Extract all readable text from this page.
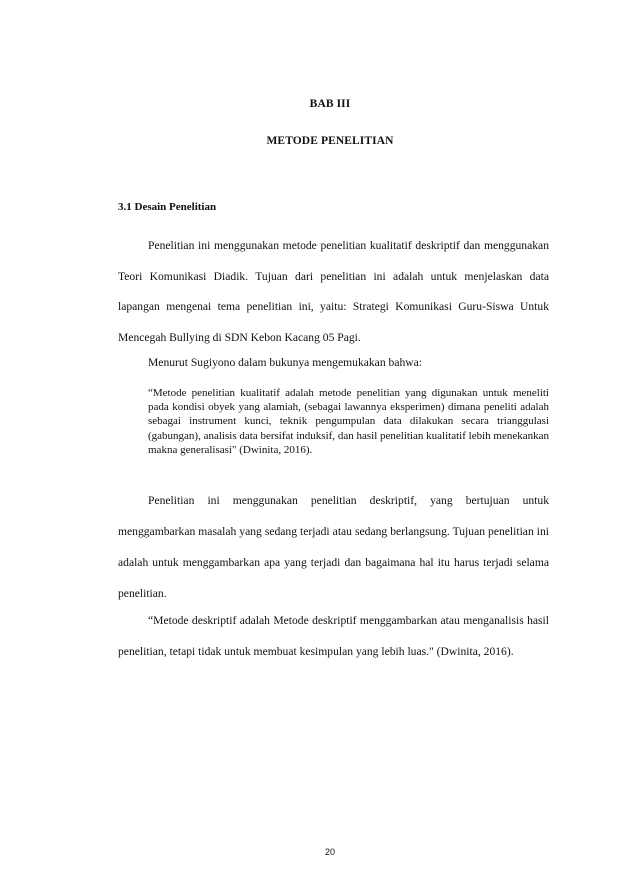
BAB III
METODE PENELITIAN
3.1 Desain Penelitian

Penelitian ini menggunakan metode penelitian kualitatif deskriptif dan menggunakan Teori Komunikasi Diadik. Tujuan dari penelitian ini adalah untuk menjelaskan data lapangan mengenai tema penelitian ini, yaitu: Strategi Komunikasi Guru-Siswa Untuk Mencegah Bullying di SDN Kebon Kacang 05 Pagi.

Menurut Sugiyono dalam bukunya mengemukakan bahwa:

“Metode penelitian kualitatif adalah metode penelitian yang digunakan untuk meneliti pada kondisi obyek yang alamiah, (sebagai lawannya eksperimen) dimana peneliti adalah sebagai instrument kunci, teknik pengumpulan data dilakukan secara trianggulasi (gabungan), analisis data bersifat induksif, dan hasil penelitian kualitatif lebih menekankan makna generalisasi" (Dwinita, 2016).

Penelitian ini menggunakan penelitian deskriptif, yang bertujuan untuk menggambarkan masalah yang sedang terjadi atau sedang berlangsung. Tujuan penelitian ini adalah untuk menggambarkan apa yang terjadi dan bagaimana hal itu harus terjadi selama penelitian.

“Metode deskriptif adalah Metode deskriptif menggambarkan atau menganalisis hasil penelitian, tetapi tidak untuk membuat kesimpulan yang lebih luas." (Dwinita, 2016).

20
